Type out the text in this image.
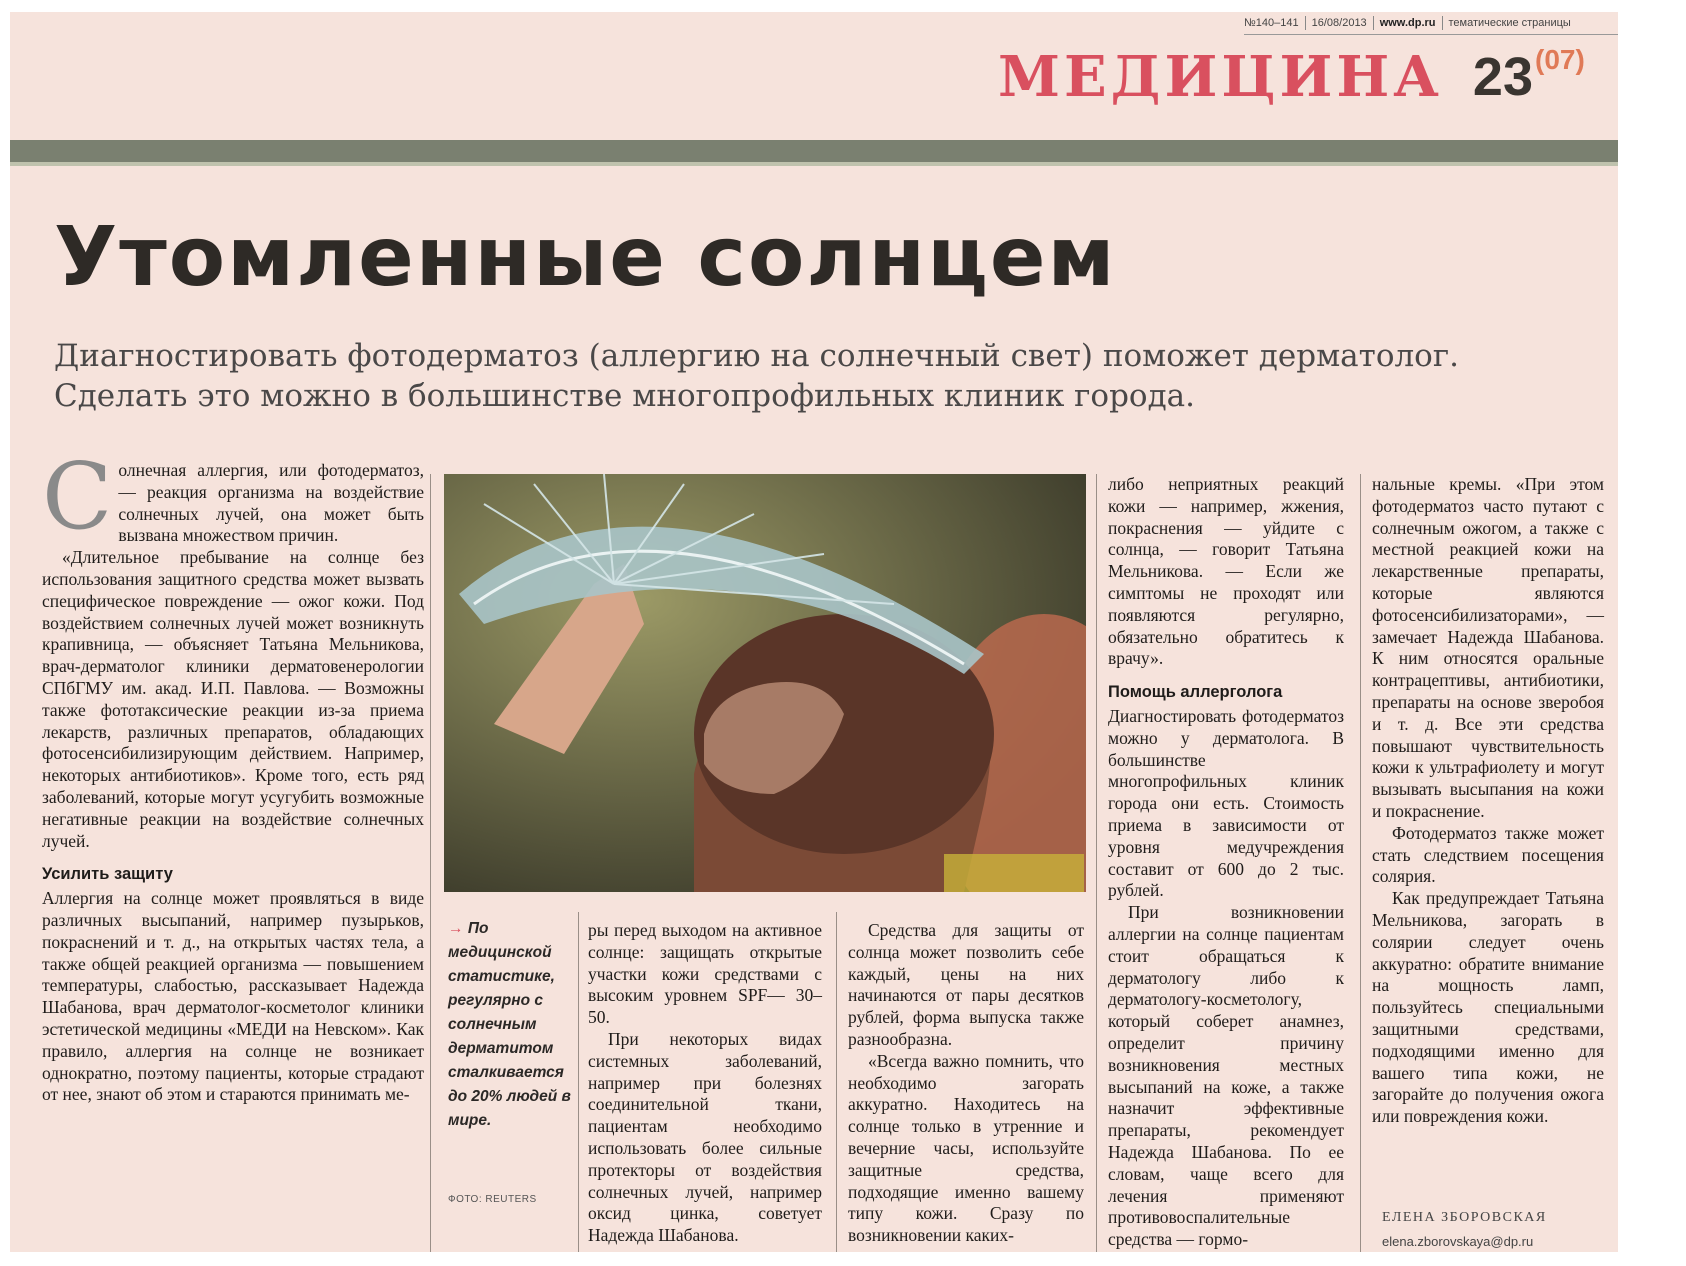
№140–141 16/08/2013 www.dp.ru тематические страницы
МЕДИЦИНА 23 (07)
Утомленные солнцем
Диагностировать фотодерматоз (аллергию на солнечный свет) поможет дерматолог. Сделать это можно в большинстве многопрофильных клиник города.

Солнечная аллергия, или фотодерматоз, — реакция организма на воздействие солнечных лучей, она может быть вызвана множеством причин.

«Длительное пребывание на солнце без использования защитного средства может вызвать специфическое повреждение — ожог кожи. Под воздействием солнечных лучей может возникнуть крапивница, — объясняет Татьяна Мельникова, врач-дерматолог клиники дерматовенерологии СПбГМУ им. акад. И.П. Павлова. — Возможны также фототаксические реакции из-за приема лекарств, различных препаратов, обладающих фотосенсибилизирующим действием. Например, некоторых антибиотиков». Кроме того, есть ряд заболеваний, которые могут усугубить возможные негативные реакции на воздействие солнечных лучей.

Усилить защиту

Аллергия на солнце может проявляться в виде различных высыпаний, например пузырьков, покраснений и т. д., на открытых частях тела, а также общей реакцией организма — повышением температуры, слабостью, рассказывает Надежда Шабанова, врач дерматолог-косметолог клиники эстетической медицины «МЕДИ на Невском». Как правило, аллергия на солнце не возникает однократно, поэтому пациенты, которые страдают от нее, знают об этом и стараются принимать ме-

→ По медицинской статистике, регулярно с солнечным дерматитом сталкивается до 20% людей в мире.
ФОТО: REUTERS

ры перед выходом на активное солнце: защищать открытые участки кожи средствами с высоким уровнем SPF— 30–50.

При некоторых видах системных заболеваний, например при болезнях соединительной ткани, пациентам необходимо использовать более сильные протекторы от воздействия солнечных лучей, например оксид цинка, советует Надежда Шабанова.

Средства для защиты от солнца может позволить себе каждый, цены на них начинаются от пары десятков рублей, форма выпуска также разнообразна.

«Всегда важно помнить, что необходимо загорать аккуратно. Находитесь на солнце только в утренние и вечерние часы, используйте защитные средства, подходящие именно вашему типу кожи. Сразу по возникновении каких-

либо неприятных реакций кожи — например, жжения, покраснения — уйдите с солнца, — говорит Татьяна Мельникова. — Если же симптомы не проходят или появляются регулярно, обязательно обратитесь к врачу».

Помощь аллерголога

Диагностировать фотодерматоз можно у дерматолога. В большинстве многопрофильных клиник города они есть. Стоимость приема в зависимости от уровня медучреждения составит от 600 до 2 тыс. рублей.

При возникновении аллергии на солнце пациентам стоит обращаться к дерматологу либо к дерматологу-косметологу, который соберет анамнез, определит причину возникновения местных высыпаний на коже, а также назначит эффективные препараты, рекомендует Надежда Шабанова. По ее словам, чаще всего для лечения применяют противовоспалительные средства — гормо-

нальные кремы. «При этом фотодерматоз часто путают с солнечным ожогом, а также с местной реакцией кожи на лекарственные препараты, которые являются фотосенсибилизаторами», — замечает Надежда Шабанова. К ним относятся оральные контрацептивы, антибиотики, препараты на основе зверобоя и т. д. Все эти средства повышают чувствительность кожи к ультрафиолету и могут вызывать высыпания на кожи и покраснение.

Фотодерматоз также может стать следствием посещения солярия.

Как предупреждает Татьяна Мельникова, загорать в солярии следует очень аккуратно: обратите внимание на мощность ламп, пользуйтесь специальными защитными средствами, подходящими именно для вашего типа кожи, не загорайте до получения ожога или повреждения кожи.

ЕЛЕНА ЗБОРОВСКАЯ
elena.zborovskaya@dp.ru
